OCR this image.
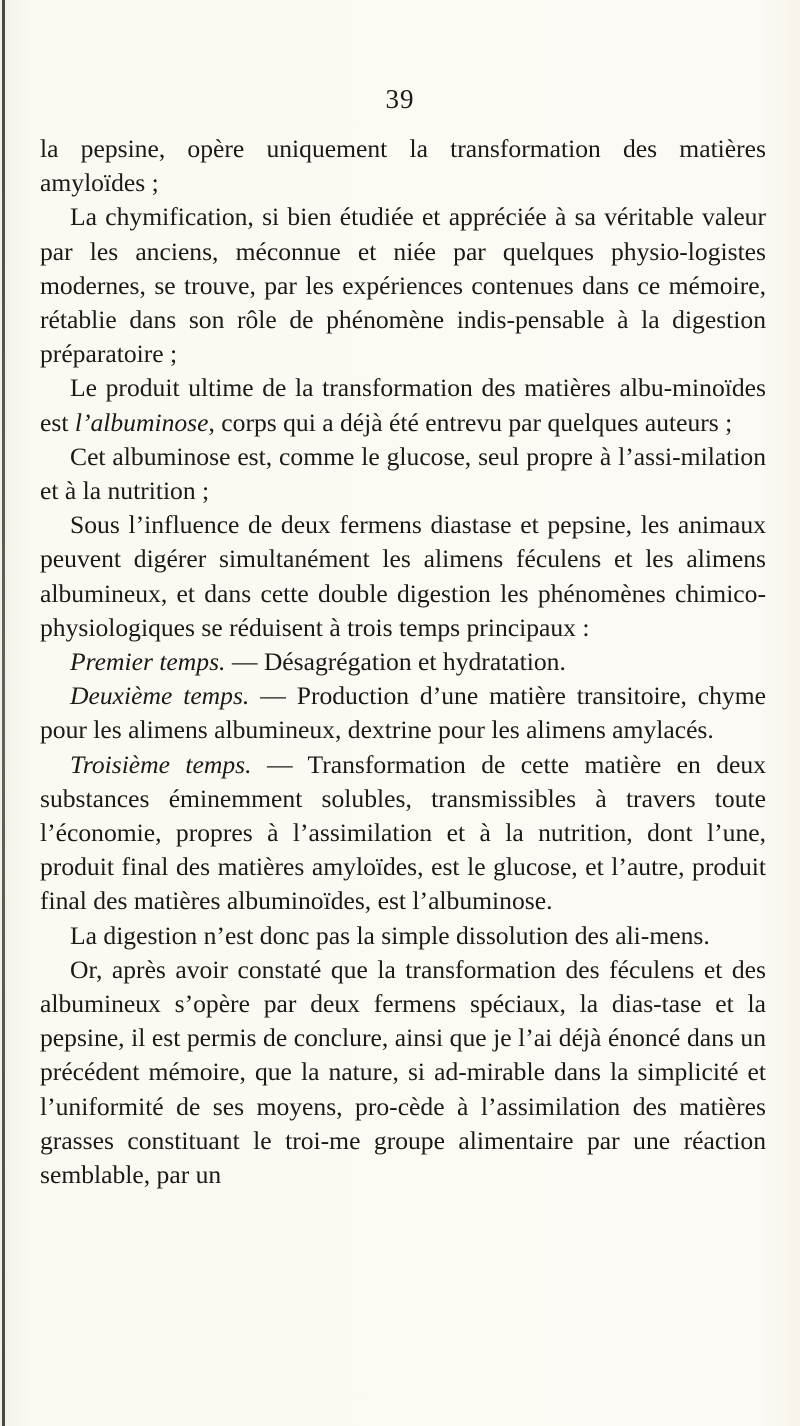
39

la pepsine, opère uniquement la transformation des matières amyloïdes ;

La chymification, si bien étudiée et appréciée à sa véritable valeur par les anciens, méconnue et niée par quelques physio-logistes modernes, se trouve, par les expériences contenues dans ce mémoire, rétablie dans son rôle de phénomène indis-pensable à la digestion préparatoire ;

Le produit ultime de la transformation des matières albu-minoïdes est l’albuminose, corps qui a déjà été entrevu par quelques auteurs ;

Cet albuminose est, comme le glucose, seul propre à l’assi-milation et à la nutrition ;

Sous l’influence de deux fermens diastase et pepsine, les animaux peuvent digérer simultanément les alimens féculens et les alimens albumineux, et dans cette double digestion les phénomènes chimico-physiologiques se réduisent à trois temps principaux :

Premier temps. — Désagrégation et hydratation.

Deuxième temps. — Production d’une matière transitoire, chyme pour les alimens albumineux, dextrine pour les alimens amylacés.

Troisième temps. — Transformation de cette matière en deux substances éminemment solubles, transmissibles à travers toute l’économie, propres à l’assimilation et à la nutrition, dont l’une, produit final des matières amyloïdes, est le glucose, et l’autre, produit final des matières albuminoïdes, est l’albuminose.

La digestion n’est donc pas la simple dissolution des ali-mens.

Or, après avoir constaté que la transformation des féculens et des albumineux s’opère par deux fermens spéciaux, la dias-tase et la pepsine, il est permis de conclure, ainsi que je l’ai déjà énoncé dans un précédent mémoire, que la nature, si ad-mirable dans la simplicité et l’uniformité de ses moyens, pro-cède à l’assimilation des matières grasses constituant le troi-me groupe alimentaire par une réaction semblable, par un
